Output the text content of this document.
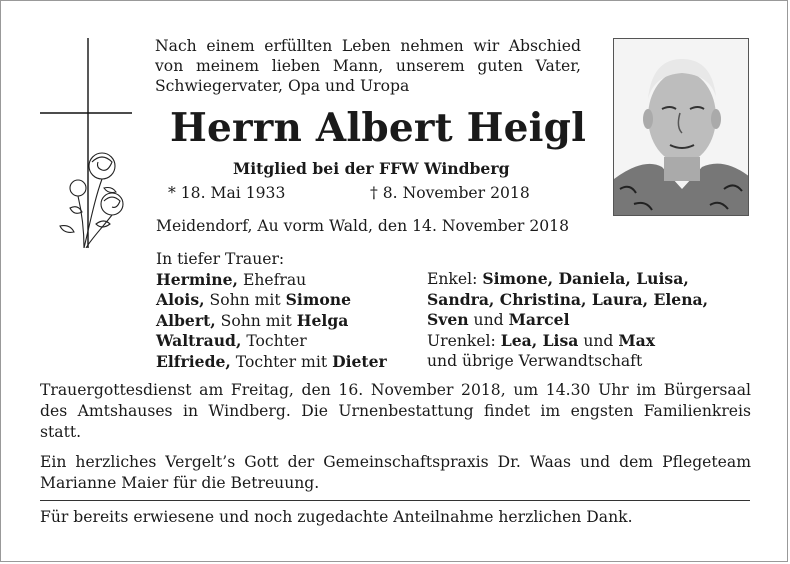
Nach einem erfüllten Leben nehmen wir Abschied
von meinem lieben Mann, unserem guten Vater,
Schwiegervater, Opa und Uropa
Herrn Albert Heigl
Mitglied bei der FFW Windberg
* 18. Mai 1933	† 8. November 2018
Meidendorf, Au vorm Wald, den 14. November 2018
In tiefer Trauer:
Hermine, Ehefrau
Alois, Sohn mit Simone
Albert, Sohn mit Helga
Waltraud, Tochter
Elfriede, Tochter mit Dieter
Enkel: Simone, Daniela, Luisa,
Sandra, Christina, Laura, Elena,
Sven und Marcel
Urenkel: Lea, Lisa und Max
und übrige Verwandtschaft
Trauergottesdienst am Freitag, den 16. November 2018, um 14.30 Uhr im Bürgersaal
des Amtshauses in Windberg. Die Urnenbestattung findet im engsten Familienkreis
statt.
Ein herzliches Vergelt’s Gott der Gemeinschaftspraxis Dr. Waas und dem Pflegeteam
Marianne Maier für die Betreuung.
Für bereits erwiesene und noch zugedachte Anteilnahme herzlichen Dank.
